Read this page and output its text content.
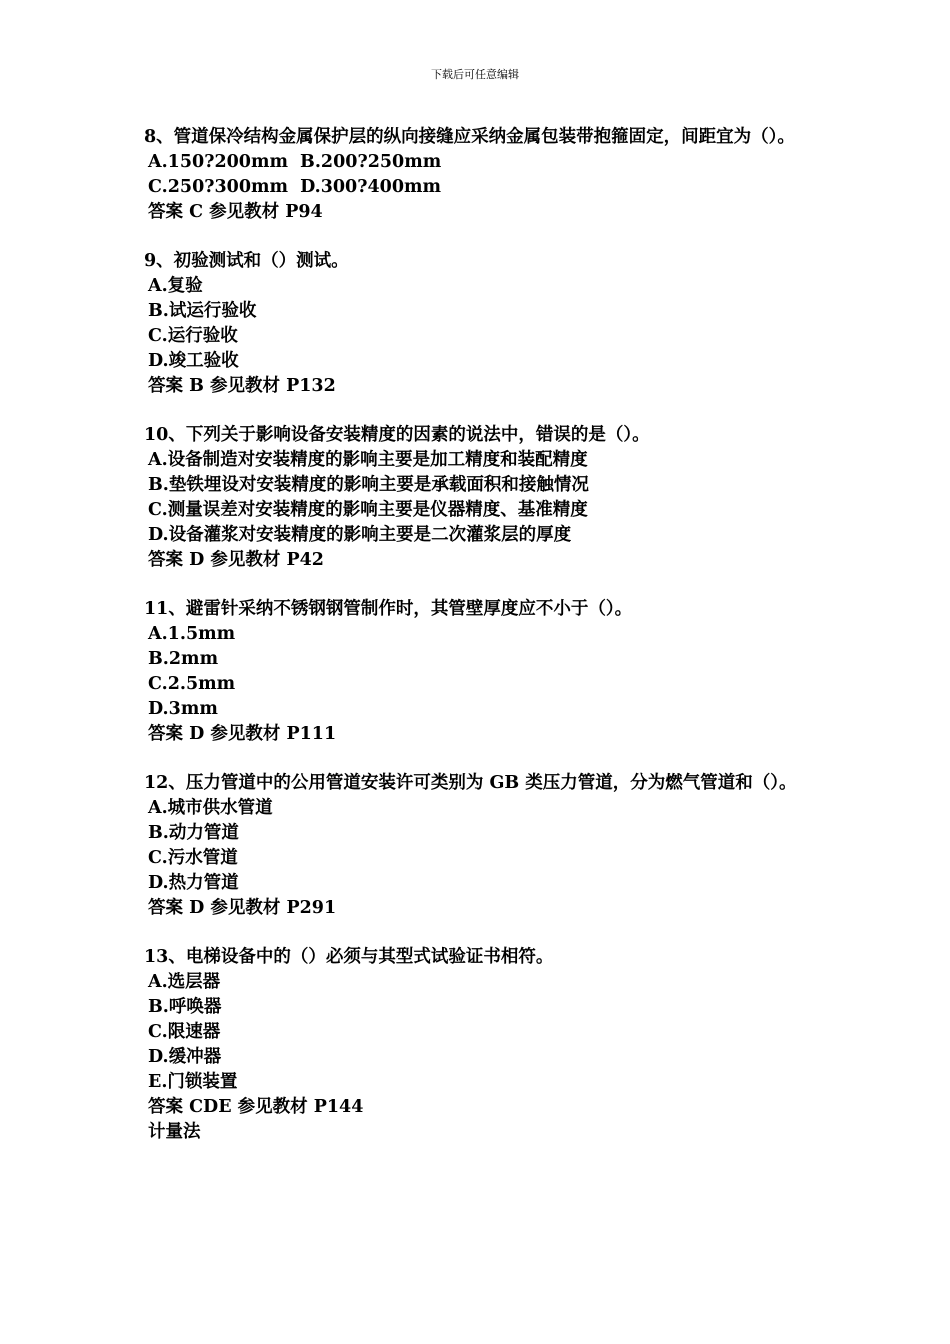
下载后可任意编辑
8、管道保冷结构金属保护层的纵向接缝应采纳金属包装带抱箍固定，间距宜为（）。
A.150?200mm B.200?250mm
C.250?300mm D.300?400mm
答案 C 参见教材 P94
9、初验测试和（）测试。
A.复验
B.试运行验收
C.运行验收
D.竣工验收
答案 B 参见教材 P132
10、下列关于影响设备安装精度的因素的说法中，错误的是（）。
A.设备制造对安装精度的影响主要是加工精度和装配精度
B.垫铁埋设对安装精度的影响主要是承载面积和接触情况
C.测量误差对安装精度的影响主要是仪器精度、基准精度
D.设备灌浆对安装精度的影响主要是二次灌浆层的厚度
答案 D 参见教材 P42
11、避雷针采纳不锈钢钢管制作时，其管壁厚度应不小于（）。
A.1.5mm
B.2mm
C.2.5mm
D.3mm
答案 D 参见教材 P111
12、压力管道中的公用管道安装许可类别为 GB 类压力管道，分为燃气管道和（）。
A.城市供水管道
B.动力管道
C.污水管道
D.热力管道
答案 D 参见教材 P291
13、电梯设备中的（）必须与其型式试验证书相符。
A.选层器
B.呼唤器
C.限速器
D.缓冲器
E.门锁装置
答案 CDE 参见教材 P144
计量法
